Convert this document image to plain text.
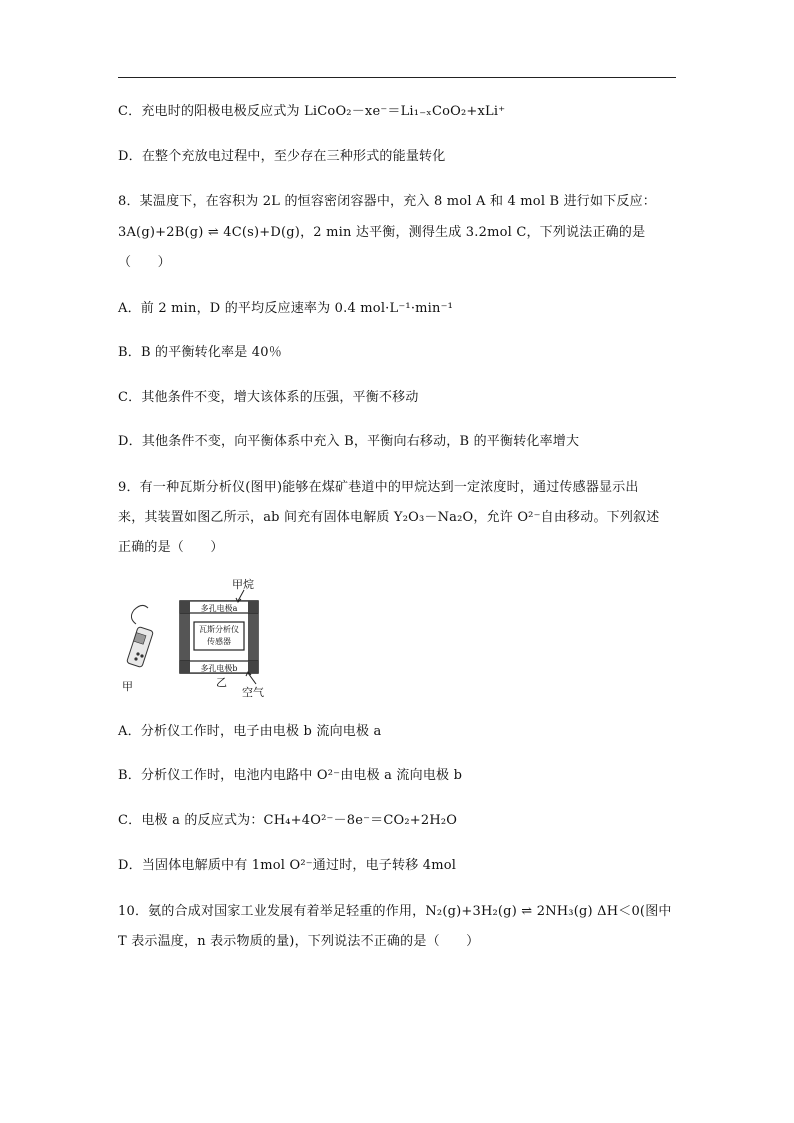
C．充电时的阳极电极反应式为 LiCoO₂－xe⁻＝Li₁₋ₓCoO₂+xLi⁺
D．在整个充放电过程中，至少存在三种形式的能量转化
8．某温度下，在容积为 2L 的恒容密闭容器中，充入 8 mol A 和 4 mol B 进行如下反应：
3A(g)+2B(g) ⇌ 4C(s)+D(g)，2 min 达平衡，测得生成 3.2mol C，下列说法正确的是
（　　）
A．前 2 min，D 的平均反应速率为 0.4 mol·L⁻¹·min⁻¹
B．B 的平衡转化率是 40％
C．其他条件不变，增大该体系的压强，平衡不移动
D．其他条件不变，向平衡体系中充入 B，平衡向右移动，B 的平衡转化率增大
9．有一种瓦斯分析仪(图甲)能够在煤矿巷道中的甲烷达到一定浓度时，通过传感器显示出
来，其装置如图乙所示，ab 间充有固体电解质 Y₂O₃－Na₂O，允许 O²⁻自由移动。下列叙述
正确的是（　　）
甲烷
多孔电极a
瓦斯分析仪
传感器
多孔电极b
甲	乙
空气
A．分析仪工作时，电子由电极 b 流向电极 a
B．分析仪工作时，电池内电路中 O²⁻由电极 a 流向电极 b
C．电极 a 的反应式为：CH₄+4O²⁻－8e⁻＝CO₂+2H₂O
D．当固体电解质中有 1mol O²⁻通过时，电子转移 4mol
10．氨的合成对国家工业发展有着举足轻重的作用，N₂(g)+3H₂(g) ⇌ 2NH₃(g) ΔH＜0(图中
T 表示温度，n 表示物质的量)，下列说法不正确的是（　　）
